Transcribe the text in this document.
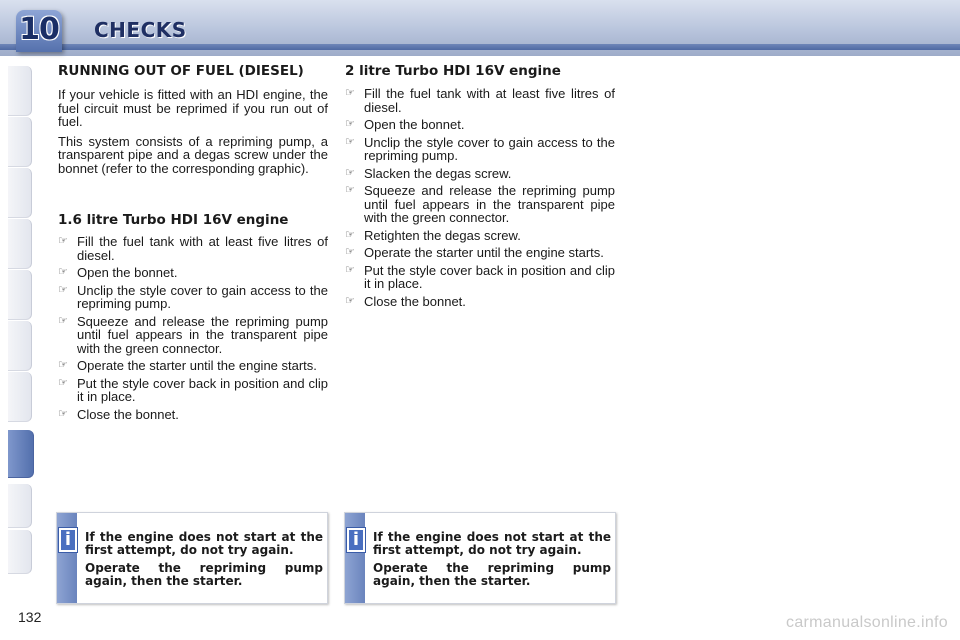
10 CHECKS
RUNNING OUT OF FUEL (DIESEL)

If your vehicle is fitted with an HDI engine, the fuel circuit must be reprimed if you run out of fuel.

This system consists of a repriming pump, a transparent pipe and a degas screw under the bonnet (refer to the corresponding graphic).

1.6 litre Turbo HDI 16V engine
☞ Fill the fuel tank with at least five litres of diesel.
☞ Open the bonnet.
☞ Unclip the style cover to gain access to the repriming pump.
☞ Squeeze and release the repriming pump until fuel appears in the transparent pipe with the green connector.
☞ Operate the starter until the engine starts.
☞ Put the style cover back in position and clip it in place.
☞ Close the bonnet.
2 litre Turbo HDI 16V engine
☞ Fill the fuel tank with at least five litres of diesel.
☞ Open the bonnet.
☞ Unclip the style cover to gain access to the repriming pump.
☞ Slacken the degas screw.
☞ Squeeze and release the repriming pump until fuel appears in the transparent pipe with the green connector.
☞ Retighten the degas screw.
☞ Operate the starter until the engine starts.
☞ Put the style cover back in position and clip it in place.
☞ Close the bonnet.
i	If the engine does not start at the first attempt, do not try again.

Operate the repriming pump again, then the starter.

i	If the engine does not start at the first attempt, do not try again.

Operate the repriming pump again, then the starter.

132	carmanualsonline.info
